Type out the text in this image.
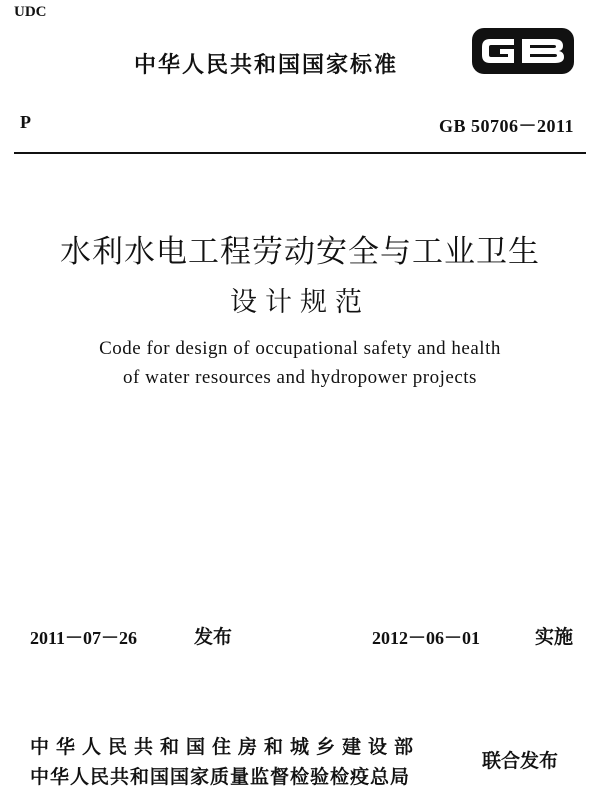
UDC
中华人民共和国国家标准
P	GB 50706－2011
水利水电工程劳动安全与工业卫生
设计规范
Code for design of occupational safety and health
of water resources and hydropower projects
2011－07－26	发布	2012－06－01	实施
中华人民共和国住房和城乡建设部
中华人民共和国国家质量监督检验检疫总局
联合发布
